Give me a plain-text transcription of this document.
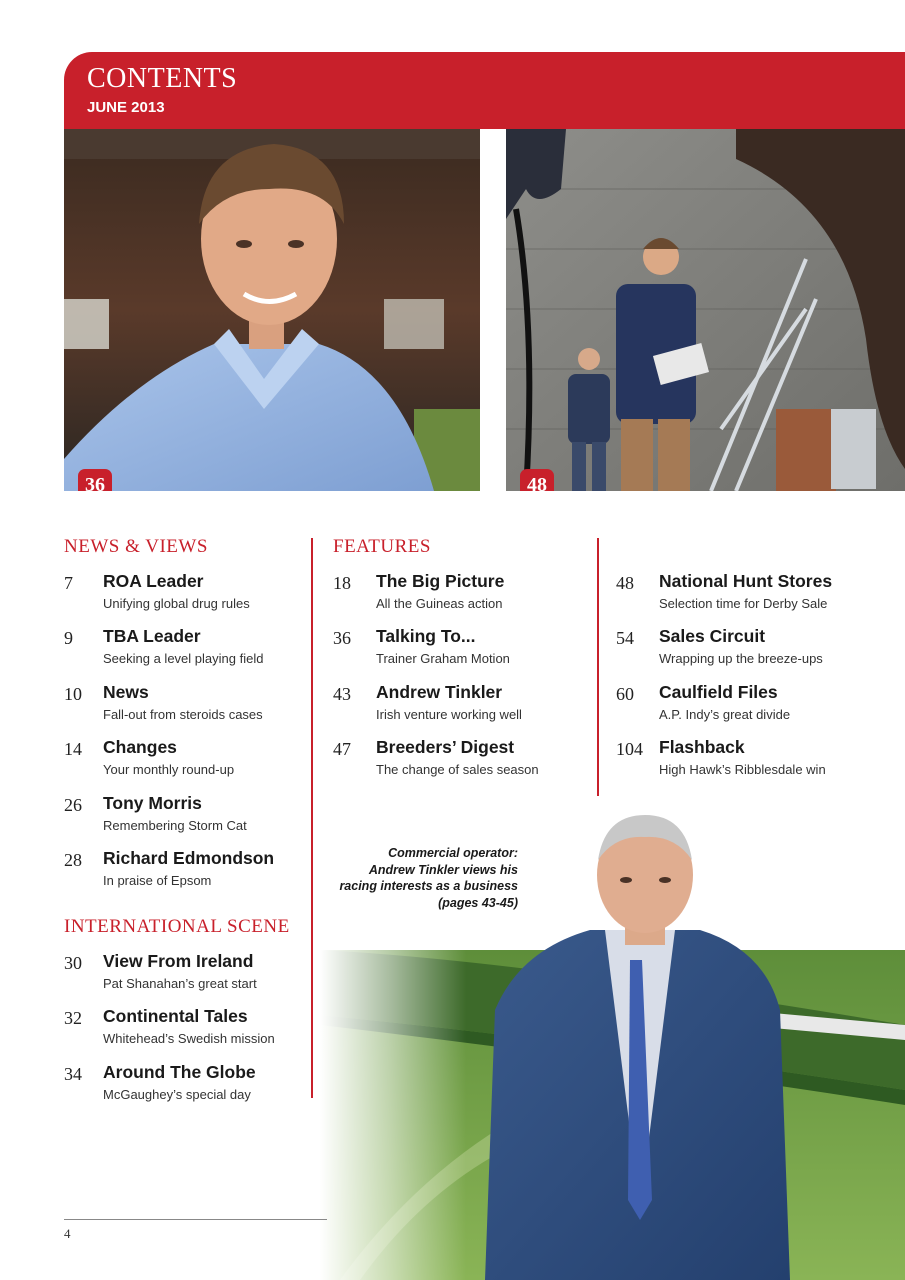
CONTENTS
JUNE 2013
36	48
NEWS & VIEWS
7 ROA Leader
Unifying global drug rules
9 TBA Leader
Seeking a level playing field
10 News
Fall-out from steroids cases
14 Changes
Your monthly round-up
26 Tony Morris
Remembering Storm Cat
28 Richard Edmondson
In praise of Epsom
INTERNATIONAL SCENE
30 View From Ireland
Pat Shanahan’s great start
32 Continental Tales
Whitehead’s Swedish mission
34 Around The Globe
McGaughey’s special day
FEATURES
18 The Big Picture
All the Guineas action
36 Talking To...
Trainer Graham Motion
43 Andrew Tinkler
Irish venture working well
47 Breeders’ Digest
The change of sales season
48 National Hunt Stores
Selection time for Derby Sale
54 Sales Circuit
Wrapping up the breeze-ups
60 Caulfield Files
A.P. Indy’s great divide
104 Flashback
High Hawk’s Ribblesdale win
Commercial operator:
Andrew Tinkler views his
racing interests as a business
(pages 43-45)
4
